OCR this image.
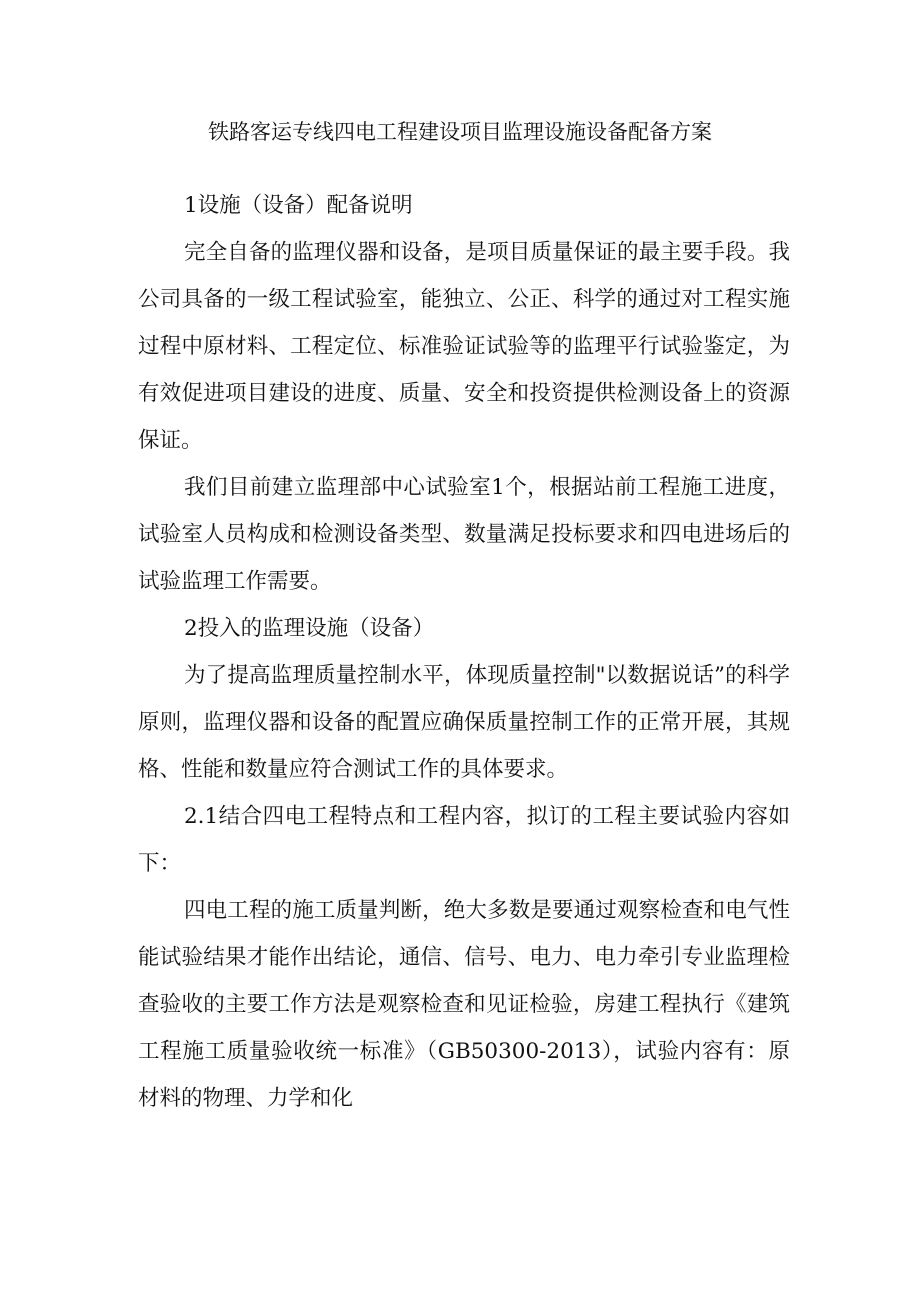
铁路客运专线四电工程建设项目监理设施设备配备方案

1设施（设备）配备说明

完全自备的监理仪器和设备，是项目质量保证的最主要手段。我公司具备的一级工程试验室，能独立、公正、科学的通过对工程实施过程中原材料、工程定位、标准验证试验等的监理平行试验鉴定，为有效促进项目建设的进度、质量、安全和投资提供检测设备上的资源保证。

我们目前建立监理部中心试验室1个，根据站前工程施工进度，试验室人员构成和检测设备类型、数量满足投标要求和四电进场后的试验监理工作需要。

2投入的监理设施（设备）

为了提高监理质量控制水平，体现质量控制"以数据说话”的科学原则，监理仪器和设备的配置应确保质量控制工作的正常开展，其规格、性能和数量应符合测试工作的具体要求。

2.1结合四电工程特点和工程内容，拟订的工程主要试验内容如下：

四电工程的施工质量判断，绝大多数是要通过观察检查和电气性能试验结果才能作出结论，通信、信号、电力、电力牵引专业监理检查验收的主要工作方法是观察检查和见证检验，房建工程执行《建筑工程施工质量验收统一标准》（GB50300-2013），试验内容有：原材料的物理、力学和化
